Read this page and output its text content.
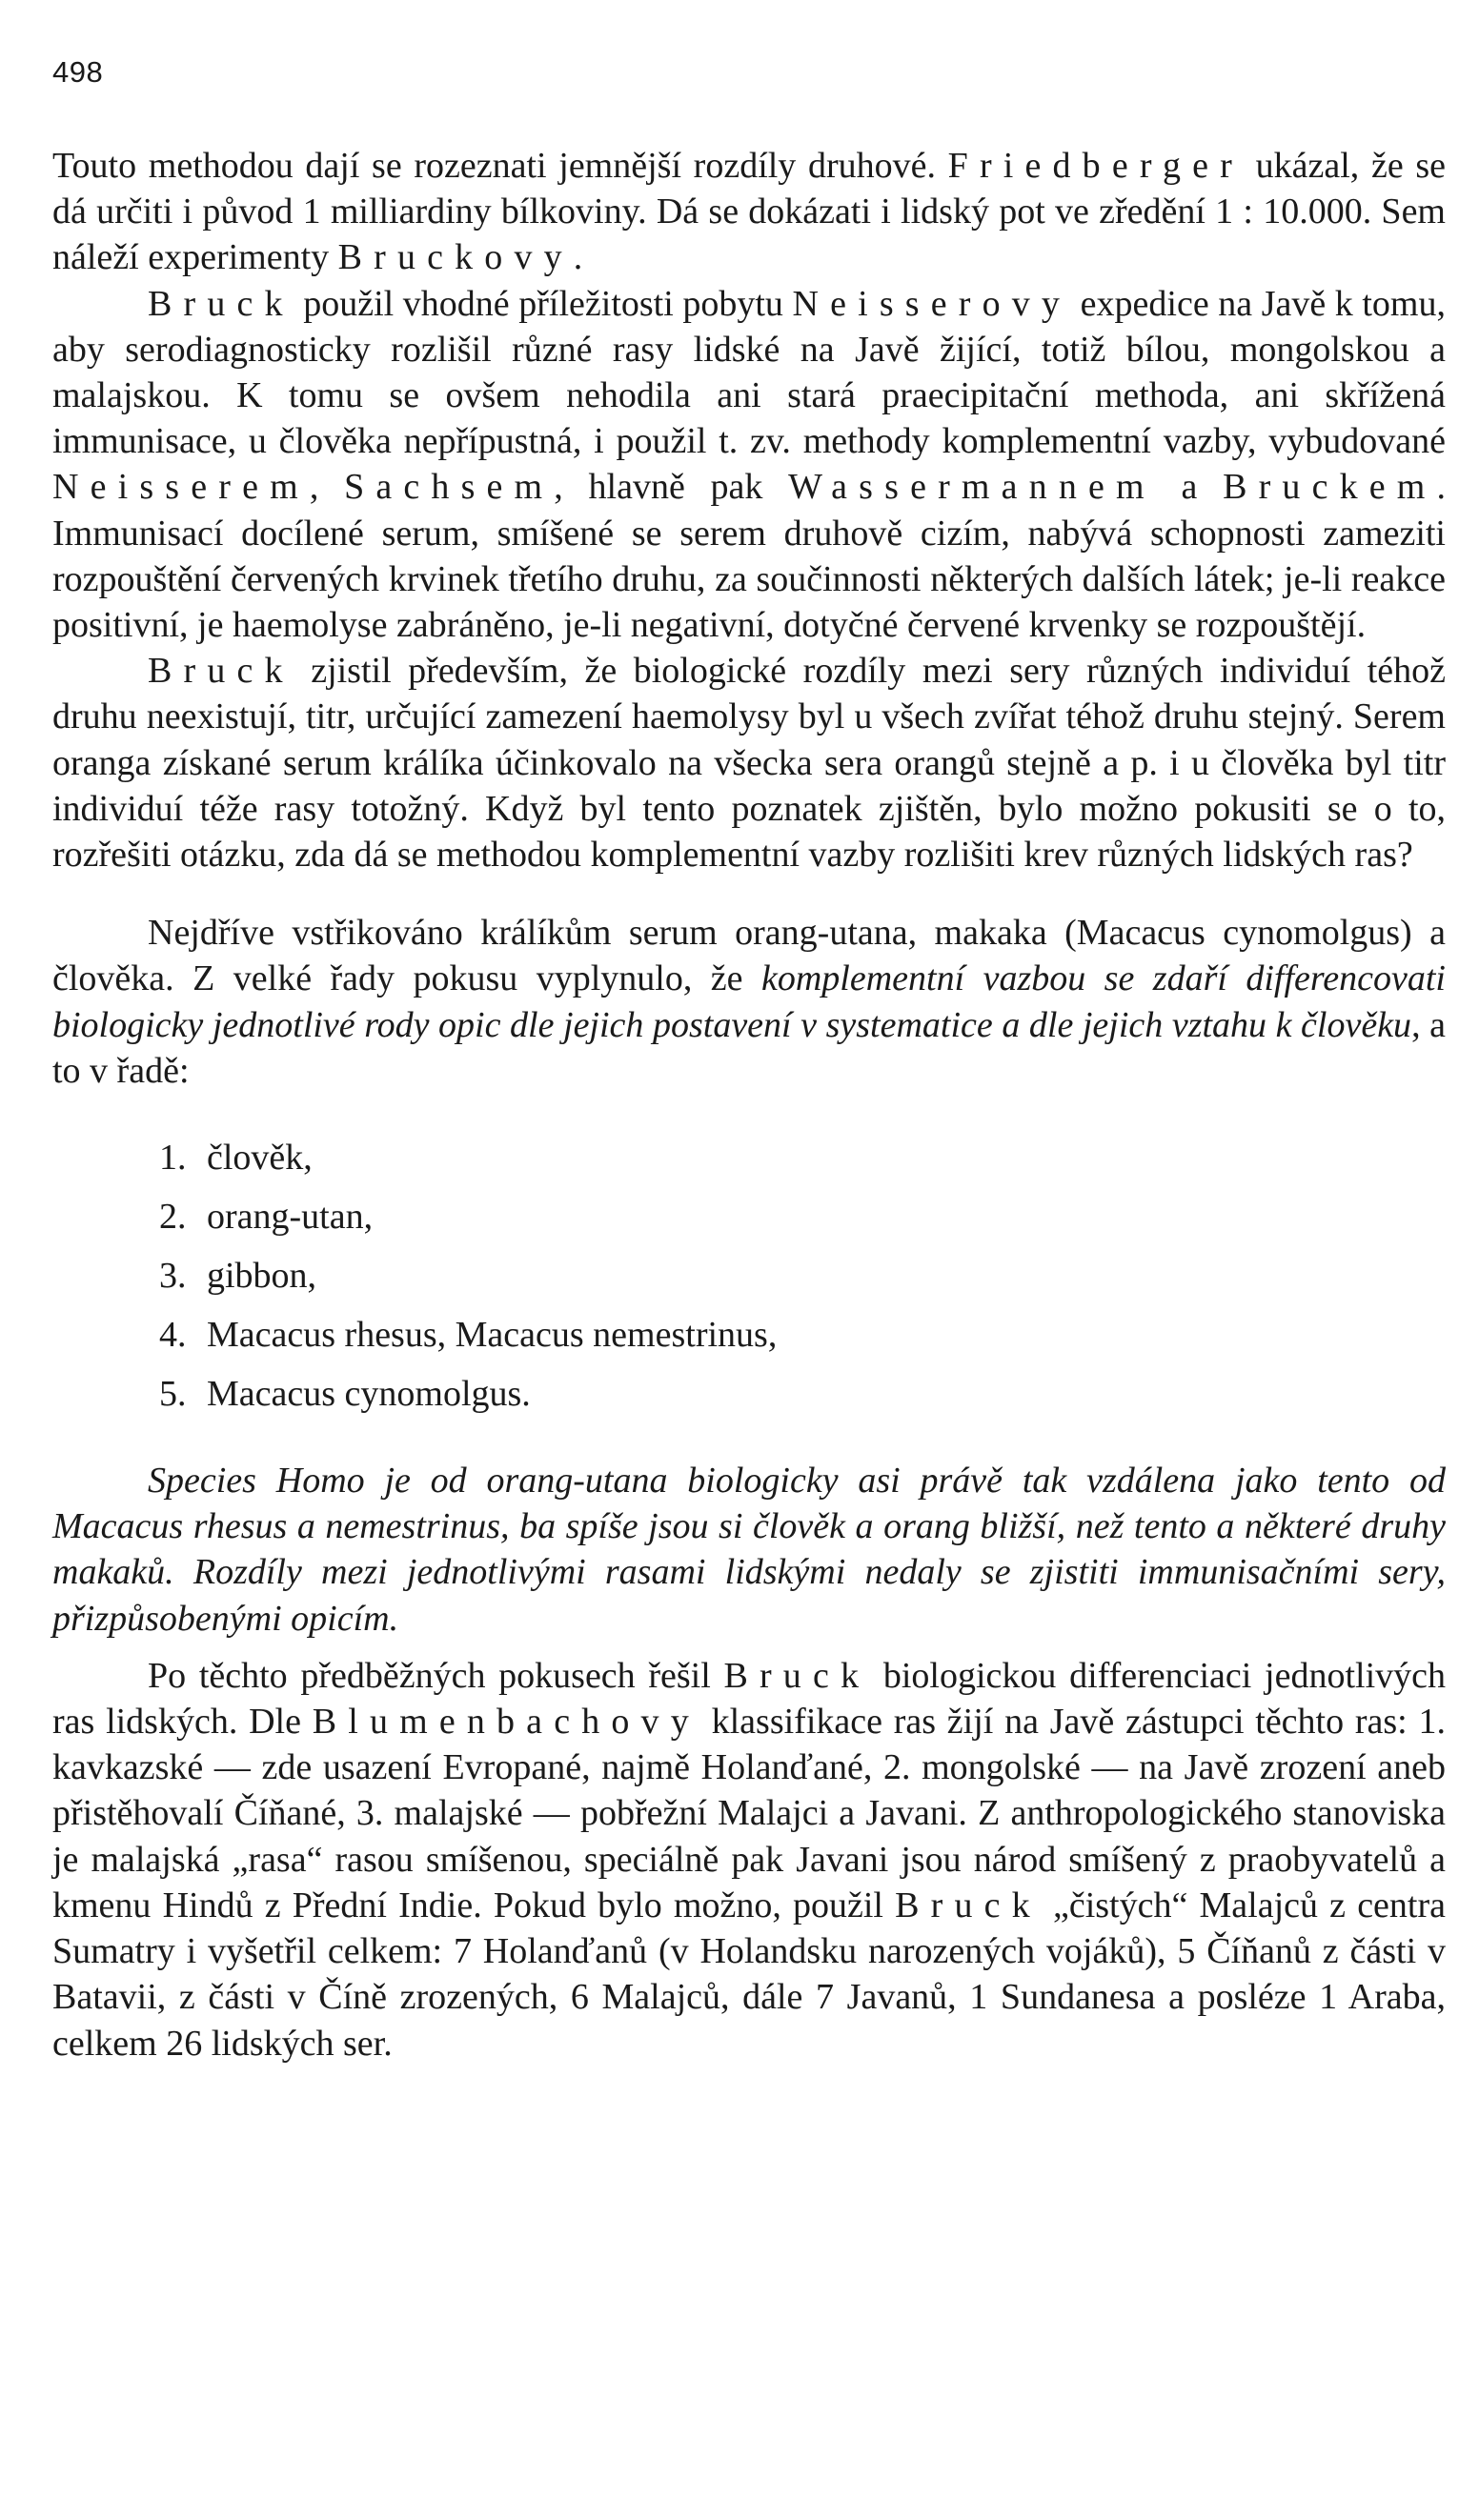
498

Touto methodou dají se rozeznati jemnější rozdíly druhové. Friedberger ukázal, že se dá určiti i původ 1 milliardiny bílkoviny. Dá se dokázati i lidský pot ve zředění 1 : 10.000. Sem náleží experimenty Bruckovy.

Bruck použil vhodné příležitosti pobytu Neisserovy expedice na Javě k tomu, aby serodiagnosticky rozlišil různé rasy lidské na Javě žijící, totiž bílou, mongolskou a malajskou. K tomu se ovšem nehodila ani stará praecipitační methoda, ani skřížená immunisace, u člověka nepřípustná, i použil t. zv. methody komplementní vazby, vybudované Neisserem, Sachsem, hlavně pak Wassermannem a Bruckem. Immunisací docílené serum, smíšené se serem druhově cizím, nabývá schopnosti zameziti rozpouštění červených krvinek třetího druhu, za součinnosti některých dalších látek; je-li reakce positivní, je haemolyse zabráněno, je-li negativní, dotyčné červené krvenky se rozpouštějí.

Bruck zjistil především, že biologické rozdíly mezi sery různých individuí téhož druhu neexistují, titr, určující zamezení haemolysy byl u všech zvířat téhož druhu stejný. Serem oranga získané serum králíka účinkovalo na všecka sera orangů stejně a p. i u člověka byl titr individuí téže rasy totožný. Když byl tento poznatek zjištěn, bylo možno pokusiti se o to, rozřešiti otázku, zda dá se methodou komplementní vazby rozlišiti krev různých lidských ras?

Nejdříve vstřikováno králíkům serum orang-utana, makaka (Macacus cynomolgus) a člověka. Z velké řady pokusu vyplynulo, že komplementní vazbou se zdaří differencovati biologicky jednotlivé rody opic dle jejich postavení v systematice a dle jejich vztahu k člověku, a to v řadě:

1. člověk,
2. orang-utan,
3. gibbon,
4. Macacus rhesus, Macacus nemestrinus,
5. Macacus cynomolgus.

Species Homo je od orang-utana biologicky asi právě tak vzdálena jako tento od Macacus rhesus a nemestrinus, ba spíše jsou si člověk a orang bližší, než tento a některé druhy makaků. Rozdíly mezi jednotlivými rasami lidskými nedaly se zjistiti immunisačními sery, přizpůsobenými opicím.

Po těchto předběžných pokusech řešil Bruck biologickou differenciaci jednotlivých ras lidských. Dle Blumenbachovy klassifikace ras žijí na Javě zástupci těchto ras: 1. kavkazské — zde usazení Evropané, najmě Holanďané, 2. mongolské — na Javě zrození aneb přistěhovalí Číňané, 3. malajské — pobřežní Malajci a Javani. Z anthropologického stanoviska je malajská „rasa“ rasou smíšenou, speciálně pak Javani jsou národ smíšený z praobyvatelů a kmenu Hindů z Přední Indie. Pokud bylo možno, použil Bruck „čistých“ Malajců z centra Sumatry i vyšetřil celkem: 7 Holanďanů (v Holandsku narozených vojáků), 5 Číňanů z části v Batavii, z části v Číně zrozených, 6 Malajců, dále 7 Javanů, 1 Sundanesa a posléze 1 Araba, celkem 26 lidských ser.
